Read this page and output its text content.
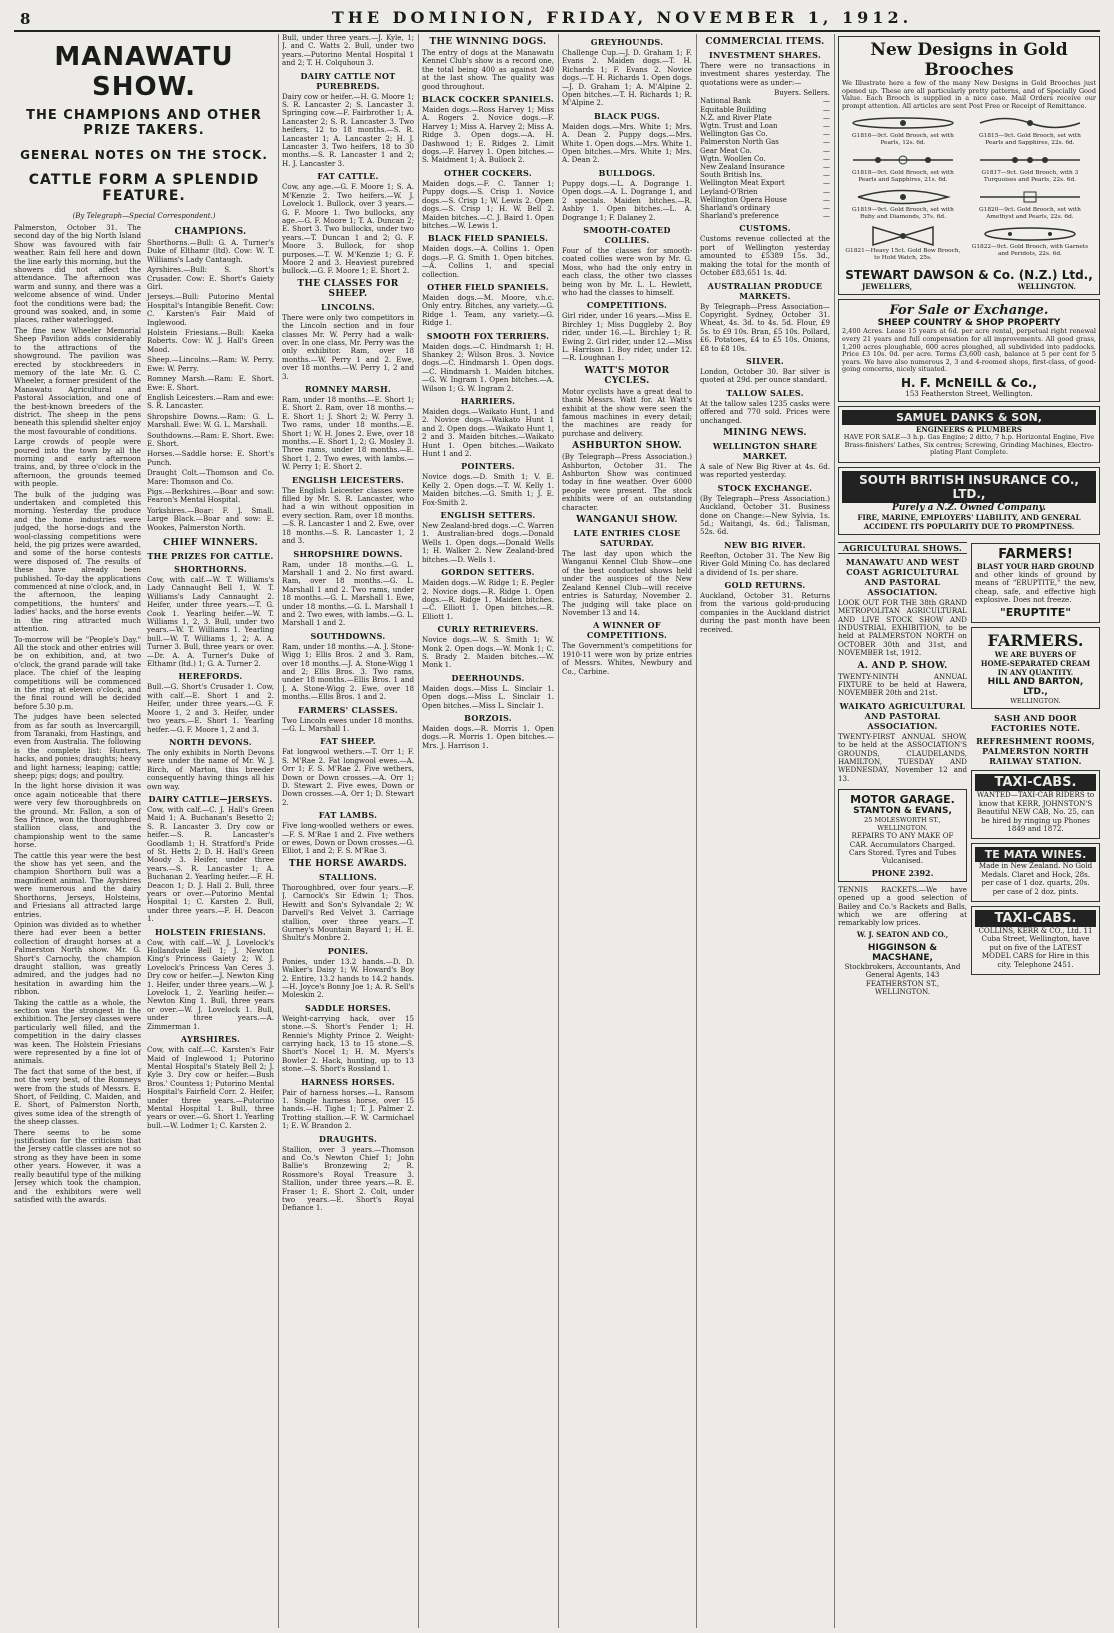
8	THE DOMINION, FRIDAY, NOVEMBER 1, 1912.
MANAWATU SHOW.
THE CHAMPIONS AND OTHER PRIZE TAKERS.
GENERAL NOTES ON THE STOCK.
CATTLE FORM A SPLENDID FEATURE.
(By Telegraph—Special Correspondent.)

Palmerston, October 31. The second day of the big North Island Show was favoured with fair weather. Rain fell here and down the line early this morning, but the showers did not affect the attendance. The afternoon was warm and sunny, and there was a welcome absence of wind. Under foot the conditions were bad; the ground was soaked, and, in some places, rather waterlogged.

The fine new Wheeler Memorial Sheep Pavilion adds considerably to the attractions of the showground. The pavilion was erected by stockbreeders in memory of the late Mr. G. C. Wheeler, a former president of the Manawatu Agricultural and Pastoral Association, and one of the best-known breeders of the district. The sheep in the pens beneath this splendid shelter enjoy the most favourable of conditions.

Large crowds of people were poured into the town by all the morning and early afternoon trains, and, by three o'clock in the afternoon, the grounds teemed with people.

The bulk of the judging was undertaken and completed this morning. Yesterday the produce and the home industries were judged, the horse-dogs and the wool-classing competitions were held, the pig prizes were awarded, and some of the horse contests were disposed of. The results of these have already been published. To-day the applications commenced at nine o'clock, and, in the afternoon, the leaping competitions, the hunters' and ladies' hacks, and the horse events in the ring attracted much attention.

To-morrow will be "People's Day." All the stock and other entries will be on exhibition, and, at two o'clock, the grand parade will take place. The chief of the leaping competitions will be commenced in the ring at eleven o'clock, and the final round will be decided before 5.30 p.m.

The judges have been selected from as far south as Invercargill, from Taranaki, from Hastings, and even from Australia. The following is the complete list: Hunters, hacks, and ponies; draughts; heavy and light harness; leaping; cattle; sheep; pigs; dogs; and poultry.

In the light horse division it was once again noticeable that there were very few thoroughbreds on the ground. Mr. Fallon, a son of Sea Prince, won the thoroughbred stallion class, and the championship went to the same horse.

The cattle this year were the best the show has yet seen, and the champion Shorthorn bull was a magnificent animal. The Ayrshires were numerous and the dairy Shorthorns, Jerseys, Holsteins, and Friesians all attracted large entries.

Opinion was divided as to whether there had ever been a better collection of draught horses at a Palmerston North show. Mr. G. Short's Carnochy, the champion draught stallion, was greatly admired, and the judges had no hesitation in awarding him the ribbon.

Taking the cattle as a whole, the section was the strongest in the exhibition. The Jersey classes were particularly well filled, and the competition in the dairy classes was keen. The Holstein Friesians were represented by a fine lot of animals.

The fact that some of the best, if not the very best, of the Romneys were from the studs of Messrs. E. Short, of Feilding, C. Maiden, and E. Short, of Palmerston North, gives some idea of the strength of the sheep classes.

There seems to be some justification for the criticism that the Jersey cattle classes are not so strong as they have been in some other years. However, it was a really beautiful type of the milking Jersey which took the champion, and the exhibitors were well satisfied with the awards.

CHAMPIONS.

Shorthorns.—Bull: G. A. Turner's Duke of Elthamr (ltd). Cow: W. T. Williams's Lady Cantaugh.

Ayrshires.—Bull: S. Short's Crusader. Cow: E. Short's Gaiety Girl.

Jerseys.—Bull: Putorino Mental Hospital's Intangible Benefit. Cow: C. Karsten's Fair Maid of Inglewood.

Holstein Friesians.—Bull: Kaeka Roberts. Cow: W. J. Hall's Green Mood.

Sheep.—Lincolns.—Ram: W. Perry. Ewe: W. Perry.

Romney Marsh.—Ram: E. Short. Ewe: E. Short.

English Leicesters.—Ram and ewe: S. R. Lancaster.

Shropshire Downs.—Ram: G. L. Marshall. Ewe: W. G. L. Marshall.

Southdowns.—Ram: E. Short. Ewe: E. Short.

Horses.—Saddle horse: E. Short's Punch.

Draught Colt.—Thomson and Co. Mare: Thomson and Co.

Pigs.—Berkshires.—Boar and sow: Fearon's Mental Hospital.

Yorkshires.—Boar: F. J. Small. Large Black.—Boar and sow: E. Wookes, Palmerston North.

CHIEF WINNERS.
THE PRIZES FOR CATTLE.
SHORTHORNS.

Cow, with calf.—W. T. Williams's Lady Cannaught Bell 1, W. T. Williams's Lady Cannaught 2. Heifer, under three years.—T. G. Cook 1. Yearling heifer.—W. T. Williams 1, 2, 3. Bull, under two years.—W. T. Williams 1. Yearling bull.—W. T. Williams 1, 2; A. A. Turner 3. Bull, three years or over.—Dr. A. A. Turner's Duke of Elthamr (ltd.) 1; G. A. Turner 2.

HEREFORDS.

Bull.—G. Short's Crusader 1. Cow, with calf.—E. Short 1 and 2. Heifer, under three years.—G. F. Moore 1, 2 and 3. Heifer, under two years.—E. Short 1. Yearling heifer.—G. F. Moore 1, 2 and 3.

NORTH DEVONS.

The only exhibits in North Devons were under the name of Mr. W. J. Birch, of Marton, this breeder consequently having things all his own way.

DAIRY CATTLE—JERSEYS.

Cow, with calf.—C. J. Hall's Green Maid 1; A. Buchanan's Besetto 2; S. R. Lancaster 3. Dry cow or heifer.—S. R. Lancaster's Goodlamb 1; H. Stratford's Pride of St. Hetts 2; D. H. Hall's Green Moody 3. Heifer, under three years.—S. R. Lancaster 1; A. Buchanan 2. Yearling heifer.—F. H. Deacon 1; D. J. Hall 2. Bull, three years or over.—Putorino Mental Hospital 1; C. Karsten 2. Bull, under three years.—F. H. Deacon 1.

HOLSTEIN FRIESIANS.

Cow, with calf.—W. J. Lovelock's Hollandvale Bell 1; J. Newton King's Princess Gaiety 2; W. J. Lovelock's Princess Van Ceres 3. Dry cow or heifer.—J. Newton King 1. Heifer, under three years.—W. J. Lovelock 1, 2. Yearling heifer.—Newton King 1. Bull, three years or over.—W. J. Lovelock 1. Bull, under three years.—A. Zimmerman 1.

AYRSHIRES.

Cow, with calf.—C. Karsten's Fair Maid of Inglewood 1; Putorino Mental Hospital's Stately Bell 2; J. Kyle 3. Dry cow or heifer.—Bush Bros.' Countess 1; Putorino Mental Hospital's Fairfield Corr. 2. Heifer, under three years.—Putorino Mental Hospital 1. Bull, three years or over.—G. Short 1. Yearling bull.—W. Lodmer 1; C. Karsten 2.

Bull, under three years.—J. Kyle, 1; J. and C. Watts 2. Bull, under two years.—Putorino Mental Hospital 1 and 2; T. H. Colquhoun 3.

DAIRY CATTLE NOT PUREBREDS.

Dairy cow or heifer.—H. G. Moore 1; S. R. Lancaster 2; S. Lancaster 3. Springing cow.—F. Fairbrother 1; A. Lancaster 2; S. R. Lancaster 3. Two heifers, 12 to 18 months.—S. R. Lancaster 1; A. Lancaster 2; H. J. Lancaster 3. Two heifers, 18 to 30 months.—S. R. Lancaster 1 and 2; H. J. Lancaster 3.

FAT CATTLE.

Cow, any age.—G. F. Moore 1; S. A. M'Kenzie 2. Two heifers.—W. J. Lovelock 1. Bullock, over 3 years.—G. F. Moore 1. Two bullocks, any age.—G. F. Moore 1; T. A. Duncan 2; E. Short 3. Two bullocks, under two years.—T. Duncan 1 and 2; G. F. Moore 3. Bullock, for shop purposes.—T. W. M'Kenzie 1; G. F. Moore 2 and 3. Heaviest purebred bullock.—G. F. Moore 1; E. Short 2.

THE CLASSES FOR SHEEP.
LINCOLNS.

There were only two competitors in the Lincoln section and in four classes Mr. W. Perry had a walk-over. In one class, Mr. Perry was the only exhibitor. Ram, over 18 months.—W. Perry 1 and 2. Ewe, over 18 months.—W. Perry 1, 2 and 3.

ROMNEY MARSH.

Ram, under 18 months.—E. Short 1; E. Short 2. Ram, over 18 months.—E. Short 1; J. Short 2; W. Perry 3. Two rams, under 18 months.—E. Short 1; W. H. Jones 2. Ewe, over 18 months.—E. Short 1, 2; G. Mosley 3. Three rams, under 18 months.—E. Short 1, 2. Two ewes, with lambs.—W. Perry 1; E. Short 2.

ENGLISH LEICESTERS.

The English Leicester classes were filled by Mr. S. R. Lancaster, who had a win without opposition in every section. Ram, over 18 months.—S. R. Lancaster 1 and 2. Ewe, over 18 months.—S. R. Lancaster 1, 2 and 3.

SHROPSHIRE DOWNS.

Ram, under 18 months.—G. L. Marshall 1 and 2. No first award. Ram, over 18 months.—G. L. Marshall 1 and 2. Two rams, under 18 months.—G. L. Marshall 1. Ewe, under 18 months.—G. L. Marshall 1 and 2. Two ewes, with lambs.—G. L. Marshall 1 and 2.

SOUTHDOWNS.

Ram, under 18 months.—A. J. Stone-Wigg 1; Ellis Bros. 2 and 3. Ram, over 18 months.—J. A. Stone-Wigg 1 and 2; Ellis Bros. 3. Two rams, under 18 months.—Ellis Bros. 1 and J. A. Stone-Wigg 2. Ewe, over 18 months.—Ellis Bros. 1 and 2.

FARMERS' CLASSES.

Two Lincoln ewes under 18 months.—G. L. Marshall 1.

FAT SHEEP.

Fat longwool wethers.—T. Orr 1; F. S. M'Rae 2. Fat longwool ewes.—A. Orr 1; F. S. M'Rae 2. Five wethers, Down or Down crosses.—A. Orr 1; D. Stewart 2. Five ewes, Down or Down crosses.—A. Orr 1; D. Stewart 2.

FAT LAMBS.

Five long-woolled wethers or ewes.—F. S. M'Rae 1 and 2. Five wethers or ewes, Down or Down crosses.—G. Elliot, 1 and 2; F. S. M'Rae 3.

THE HORSE AWARDS.
STALLIONS.

Thoroughbred, over four years.—F. J. Carnock's Sir Edwin 1; Thos. Hewitt and Son's Sylvandale 2; W. Darvell's Red Velvet 3. Carriage stallion, over three years.—T. Gurney's Mountain Bayard 1; H. E. Shultz's Monbre 2.

PONIES.

Ponies, under 13.2 hands.—D. D. Walker's Daisy 1; W. Howard's Boy 2. Entire, 13.2 hands to 14.2 hands.—H. Joyce's Bonny Joe 1; A. R. Sell's Moleskin 2.

SADDLE HORSES.

Weight-carrying hack, over 15 stone.—S. Short's Fender 1; H. Rennie's Mighty Prince 2. Weight-carrying hack, 13 to 15 stone.—S. Short's Nocel 1; H. M. Myers's Bowler 2. Hack, hunting, up to 13 stone.—S. Short's Rossland 1.

HARNESS HORSES.

Pair of harness horses.—L. Ransom 1. Single harness horse, over 15 hands.—H. Tighe 1; T. J. Palmer 2. Trotting stallion.—F. W. Carmichael 1; E. W. Brandon 2.

DRAUGHTS.

Stallion, over 3 years.—Thomson and Co.'s Newton Chief 1; John Ballie's Bronzewing 2; R. Rossmore's Royal Treasure 3. Stallion, under three years.—R. E. Fraser 1; E. Short 2. Colt, under two years.—E. Short's Royal Defiance 1.

THE WINNING DOGS.

The entry of dogs at the Manawatu Kennel Club's show is a record one, the total being 400 as against 240 at the last show. The quality was good throughout.

BLACK COCKER SPANIELS.

Maiden dogs.—Ross Harvey 1; Miss A. Rogers 2. Novice dogs.—F. Harvey 1; Miss A. Harvey 2; Miss A. Ridge 3. Open dogs.—A. H. Dashwood 1; E. Ridges 2. Limit dogs.—F. Harvey 1. Open bitches.—S. Maidment 1; A. Bullock 2.

OTHER COCKERS.

Maiden dogs.—F. C. Tanner 1; Puppy dogs.—S. Crisp 1. Novice dogs.—S. Crisp 1; W. Lewis 2. Open dogs.—S. Crisp 1; H. W. Bell 2. Maiden bitches.—C. J. Baird 1. Open bitches.—W. Lewis 1.

BLACK FIELD SPANIELS.

Maiden dogs.—A. Collins 1. Open dogs.—F. G. Smith 1. Open bitches.—A. Collins 1, and special collection.

OTHER FIELD SPANIELS.

Maiden dogs.—M. Moore, v.h.c. Only entry. Bitches, any variety.—G. Ridge 1. Team, any variety.—G. Ridge 1.

SMOOTH FOX TERRIERS.

Maiden dogs.—C. Hindmarsh 1; H. Shankey 2; Wilson Bros. 3. Novice dogs.—C. Hindmarsh 1. Open dogs.—C. Hindmarsh 1. Maiden bitches.—G. W. Ingram 1. Open bitches.—A. Wilson 1; G. W. Ingram 2.

HARRIERS.

Maiden dogs.—Waikato Hunt, 1 and 2. Novice dogs.—Waikato Hunt 1 and 2. Open dogs.—Waikato Hunt 1, 2 and 3. Maiden bitches.—Waikato Hunt 1. Open bitches.—Waikato Hunt 1 and 2.

POINTERS.

Novice dogs.—D. Smith 1; V. E. Kelly 2. Open dogs.—T. W. Kelly 1. Maiden bitches.—G. Smith 1; J. E. Fox-Smith 2.

ENGLISH SETTERS.

New Zealand-bred dogs.—C. Warren 1. Australian-bred dogs.—Donald Wells 1. Open dogs.—Donald Wells 1; H. Walker 2. New Zealand-bred bitches.—D. Wells 1.

GORDON SETTERS.

Maiden dogs.—W. Ridge 1; E. Pegler 2. Novice dogs.—R. Ridge 1. Open dogs.—R. Ridge 1. Maiden bitches.—C. Elliott 1. Open bitches.—R. Elliott 1.

CURLY RETRIEVERS.

Novice dogs.—W. S. Smith 1; W. Monk 2. Open dogs.—W. Monk 1; C. S. Brady 2. Maiden bitches.—W. Monk 1.

DEERHOUNDS.

Maiden dogs.—Miss L. Sinclair 1. Open dogs.—Miss L. Sinclair 1. Open bitches.—Miss L. Sinclair 1.

BORZOIS.

Maiden dogs.—R. Morris 1. Open dogs.—R. Morris 1. Open bitches.—Mrs. J. Harrison 1.

GREYHOUNDS.

Challenge Cup.—J. D. Graham 1; F. Evans 2. Maiden dogs.—T. H. Richards 1; F. Evans 2. Novice dogs.—T. H. Richards 1. Open dogs.—J. D. Graham 1; A. M'Alpine 2. Open bitches.—T. H. Richards 1; R. M'Alpine 2.

BLACK PUGS.

Maiden dogs.—Mrs. White 1; Mrs. A. Dean 2. Puppy dogs.—Mrs. White 1. Open dogs.—Mrs. White 1. Open bitches.—Mrs. White 1; Mrs. A. Dean 2.

BULLDOGS.

Puppy dogs.—L. A. Dogrange 1. Open dogs.—A. L. Dogrange 1, and 2 specials. Maiden bitches.—R. Ashby 1. Open bitches.—L. A. Dogrange 1; F. Dalaney 2.

SMOOTH-COATED COLLIES.

Four of the classes for smooth-coated collies were won by Mr. G. Moss, who had the only entry in each class, the other two classes being won by Mr. L. L. Hewlett, who had the classes to himself.

COMPETITIONS.

Girl rider, under 16 years.—Miss E. Birchley 1; Miss Duggleby 2. Boy rider, under 16.—L. Birchley 1; R. Ewing 2. Girl rider, under 12.—Miss L. Harrison 1. Boy rider, under 12.—R. Loughnan 1.

WATT'S MOTOR CYCLES.

Motor cyclists have a great deal to thank Messrs. Watt for. At Watt's exhibit at the show were seen the famous machines in every detail; the machines are ready for purchase and delivery.

ASHBURTON SHOW.

(By Telegraph—Press Association.) Ashburton, October 31. The Ashburton Show was continued today in fine weather. Over 6000 people were present. The stock exhibits were of an outstanding character.

WANGANUI SHOW.
LATE ENTRIES CLOSE SATURDAY.

The last day upon which the Wanganui Kennel Club Show—one of the best conducted shows held under the auspices of the New Zealand Kennel Club—will receive entries is Saturday, November 2. The judging will take place on November 13 and 14.

A WINNER OF COMPETITIONS.

The Government's competitions for 1910-11 were won by prize entries of Messrs. Whites, Newbury and Co., Carbine.

COMMERCIAL ITEMS.
INVESTMENT SHARES.

There were no transactions in investment shares yesterday. The quotations were as under:—

Buyers. Sellers.
National Bank	—
Equitable Building	—
N.Z. and River Plate	—
Wgtn. Trust and Loan	—
Wellington Gas Co.	—
Palmerston North Gas	—
Gear Meat Co.	—
Wgtn. Woollen Co.	—
New Zealand Insurance	—
South British Ins.	—
Wellington Meat Export	—
Leyland-O'Brien	—
Wellington Opera House	—
Sharland's ordinary	—
Sharland's preference	—
CUSTOMS.

Customs revenue collected at the port of Wellington yesterday amounted to £5389 15s. 3d., making the total for the month of October £83,651 1s. 4d.

AUSTRALIAN PRODUCE MARKETS.

By Telegraph—Press Association—Copyright. Sydney, October 31. Wheat, 4s. 3d. to 4s. 5d. Flour, £9 5s. to £9 10s. Bran, £5 10s. Pollard, £6. Potatoes, £4 to £5 10s. Onions, £8 to £8 10s.

SILVER.

London, October 30. Bar silver is quoted at 29d. per ounce standard.

TALLOW SALES.

At the tallow sales 1235 casks were offered and 770 sold. Prices were unchanged.

MINING NEWS.
WELLINGTON SHARE MARKET.

A sale of New Big River at 4s. 6d. was reported yesterday.

STOCK EXCHANGE.

(By Telegraph—Press Association.) Auckland, October 31. Business done on Change:—New Sylvia, 1s. 5d.; Waitangi, 4s. 6d.; Talisman, 52s. 6d.

NEW BIG RIVER.

Reefton, October 31. The New Big River Gold Mining Co. has declared a dividend of 1s. per share.

GOLD RETURNS.

Auckland, October 31. Returns from the various gold-producing companies in the Auckland district during the past month have been received.

New Designs in Gold Brooches

We Illustrate here a few of the many New Designs in Gold Brooches just opened up. These are all particularly pretty patterns, and of Specially Good Value. Each Brooch is supplied in a nice case. Mail Orders receive our prompt attention. All articles are sent Post Free or Receipt of Remittance.

G1816—9ct. Gold Brooch, set with Pearls, 12s. 6d.
G1815—9ct. Gold Brooch, set with Pearls and Sapphires, 22s. 6d.
G1818—9ct. Gold Brooch, set with Pearls and Sapphires, 21s. 6d.
G1817—9ct. Gold Brooch, with 3 Turquoises and Pearls, 22s. 6d.
G1819—9ct. Gold Brooch, set with Ruby and Diamonds, 37s. 6d.
G1820—9ct. Gold Brooch, set with Amethyst and Pearls, 22s. 6d.
G1821—Heavy 15ct. Gold Bow Brooch, to Hold Watch, 25s.
G1822—9ct. Gold Brooch, with Garnets and Peridots, 22s. 6d.
STEWART DAWSON & Co. (N.Z.) Ltd.,
JEWELLERS,	WELLINGTON.
For Sale or Exchange.
SHEEP COUNTRY & SHOP PROPERTY

2,400 Acres. Lease 15 years at 6d. per acre rental, perpetual right renewal every 21 years and full compensation for all improvements. All good grass, 1,200 acres ploughable, 600 acres ploughed, all subdivided into paddocks. Price £3 10s. 0d. per acre. Terms £3,600 cash, balance at 5 per cent for 5 years. We have also numerous 2, 3 and 4-roomed shops, first-class, of good-going concerns, nicely situated.

H. F. McNEILL & Co.,
153 Featherston Street, Wellington.
SAMUEL DANKS & SON,
ENGINEERS & PLUMBERS

HAVE FOR SALE—3 h.p. Gas Engine; 2 ditto, 7 h.p. Horizontal Engine, Five Brass-finishers' Lathes, Six centres; Screwing, Grinding Machines, Electro-plating Plant Complete.

SOUTH BRITISH INSURANCE CO., LTD.,
Purely a N.Z. Owned Company.
FIRE, MARINE, EMPLOYERS' LIABILITY, AND GENERAL ACCIDENT. ITS POPULARITY DUE TO PROMPTNESS.
AGRICULTURAL SHOWS.
MANAWATU AND WEST COAST AGRICULTURAL AND PASTORAL ASSOCIATION.

LOOK OUT FOR THE 38th GRAND METROPOLITAN AGRICULTURAL AND LIVE STOCK SHOW AND INDUSTRIAL EXHIBITION, to be held at PALMERSTON NORTH on OCTOBER 30th and 31st, and NOVEMBER 1st, 1912.

A. AND P. SHOW.

TWENTY-NINTH ANNUAL FIXTURE to be held at Hawera, NOVEMBER 20th and 21st.

WAIKATO AGRICULTURAL AND PASTORAL ASSOCIATION.

TWENTY-FIRST ANNUAL SHOW, to be held at the ASSOCIATION'S GROUNDS, CLAUDELANDS, HAMILTON, TUESDAY AND WEDNESDAY, November 12 and 13.

MOTOR GARAGE.
STANTON & EVANS,
25 MOLESWORTH ST., WELLINGTON.

REPAIRS TO ANY MAKE OF CAR. Accumulators Charged. Cars Stored. Tyres and Tubes Vulcanised.

PHONE 2392.

TENNIS RACKETS.—We have opened up a good selection of Bailey and Co.'s Rackets and Balls, which we are offering at remarkably low prices.

W. J. SEATON AND CO.,
HIGGINSON & MACSHANE,

Stockbrokers, Accountants, And General Agents, 143 FEATHERSTON ST., WELLINGTON.

FARMERS!
BLAST YOUR HARD GROUND

and other kinds of ground by means of "ERUPTITE," the new, cheap, safe, and effective high explosive. Does not freeze.

"ERUPTITE"
FARMERS.
WE ARE BUYERS OF
HOME-SEPARATED CREAM IN ANY QUANTITY.
HILL AND BARTON, LTD.,
WELLINGTON.
SASH AND DOOR FACTORIES NOTE.
REFRESHMENT ROOMS, PALMERSTON NORTH RAILWAY STATION.
TAXI-CABS.

WANTED—TAXI-CAB RIDERS to know that KERR, JOHNSTON'S Beautiful NEW CAB, No. 25, can be hired by ringing up Phones 1849 and 1872.

TE MATA WINES.

Made in New Zealand. No Gold Medals. Claret and Hock, 28s. per case of 1 doz. quarts, 20s. per case of 2 doz. pints.

TAXI-CABS.

COLLINS, KERR & CO., Ltd. 11 Cuba Street, Wellington, have put on five of the LATEST MODEL CARS for Hire in this city. Telephone 2451.
